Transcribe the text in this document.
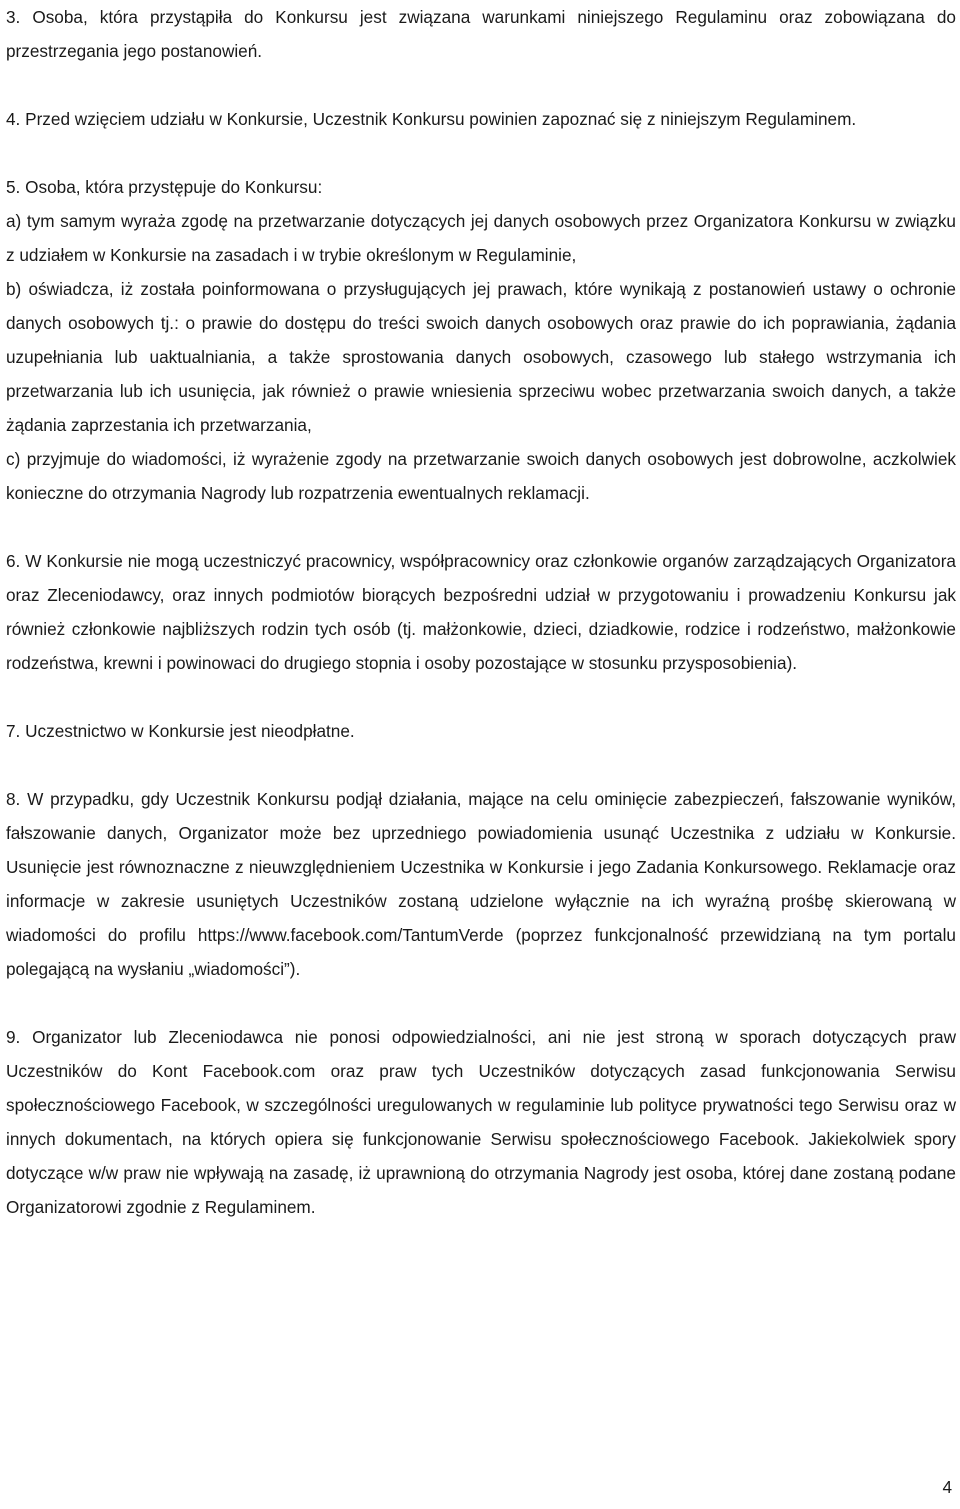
3. Osoba, która przystąpiła do Konkursu jest związana warunkami niniejszego Regulaminu oraz zobowiązana do przestrzegania jego postanowień.

4. Przed wzięciem udziału w Konkursie, Uczestnik Konkursu powinien zapoznać się z niniejszym Regulaminem.

5. Osoba, która przystępuje do Konkursu:

a) tym samym wyraża zgodę na przetwarzanie dotyczących jej danych osobowych przez Organizatora Konkursu w związku z udziałem w Konkursie na zasadach i w trybie określonym w Regulaminie,

b) oświadcza, iż została poinformowana o przysługujących jej prawach, które wynikają z postanowień ustawy o ochronie danych osobowych tj.: o prawie do dostępu do treści swoich danych osobowych oraz prawie do ich poprawiania, żądania uzupełniania lub uaktualniania, a także sprostowania danych osobowych, czasowego lub stałego wstrzymania ich przetwarzania lub ich usunięcia, jak również o prawie wniesienia sprzeciwu wobec przetwarzania swoich danych, a także żądania zaprzestania ich przetwarzania,

c) przyjmuje do wiadomości, iż wyrażenie zgody na przetwarzanie swoich danych osobowych jest dobrowolne, aczkolwiek konieczne do otrzymania Nagrody lub rozpatrzenia ewentualnych reklamacji.

6. W Konkursie nie mogą uczestniczyć pracownicy, współpracownicy oraz członkowie organów zarządzających Organizatora oraz Zleceniodawcy, oraz innych podmiotów biorących bezpośredni udział w przygotowaniu i prowadzeniu Konkursu jak również członkowie najbliższych rodzin tych osób (tj. małżonkowie, dzieci, dziadkowie, rodzice i rodzeństwo, małżonkowie rodzeństwa, krewni i powinowaci do drugiego stopnia i osoby pozostające w stosunku przysposobienia).

7. Uczestnictwo w Konkursie jest nieodpłatne.

8. W przypadku, gdy Uczestnik Konkursu podjął działania, mające na celu ominięcie zabezpieczeń, fałszowanie wyników, fałszowanie danych, Organizator może bez uprzedniego powiadomienia usunąć Uczestnika z udziału w Konkursie. Usunięcie jest równoznaczne z nieuwzględnieniem Uczestnika w Konkursie i jego Zadania Konkursowego. Reklamacje oraz informacje w zakresie usuniętych Uczestników zostaną udzielone wyłącznie na ich wyraźną prośbę skierowaną w wiadomości do profilu https://www.facebook.com/TantumVerde (poprzez funkcjonalność przewidzianą na tym portalu polegającą na wysłaniu „wiadomości”).

9. Organizator lub Zleceniodawca nie ponosi odpowiedzialności, ani nie jest stroną w sporach dotyczących praw Uczestników do Kont Facebook.com oraz praw tych Uczestników dotyczących zasad funkcjonowania Serwisu społecznościowego Facebook, w szczególności uregulowanych w regulaminie lub polityce prywatności tego Serwisu oraz w innych dokumentach, na których opiera się funkcjonowanie Serwisu społecznościowego Facebook. Jakiekolwiek spory dotyczące w/w praw nie wpływają na zasadę, iż uprawnioną do otrzymania Nagrody jest osoba, której dane zostaną podane Organizatorowi zgodnie z Regulaminem.

4
